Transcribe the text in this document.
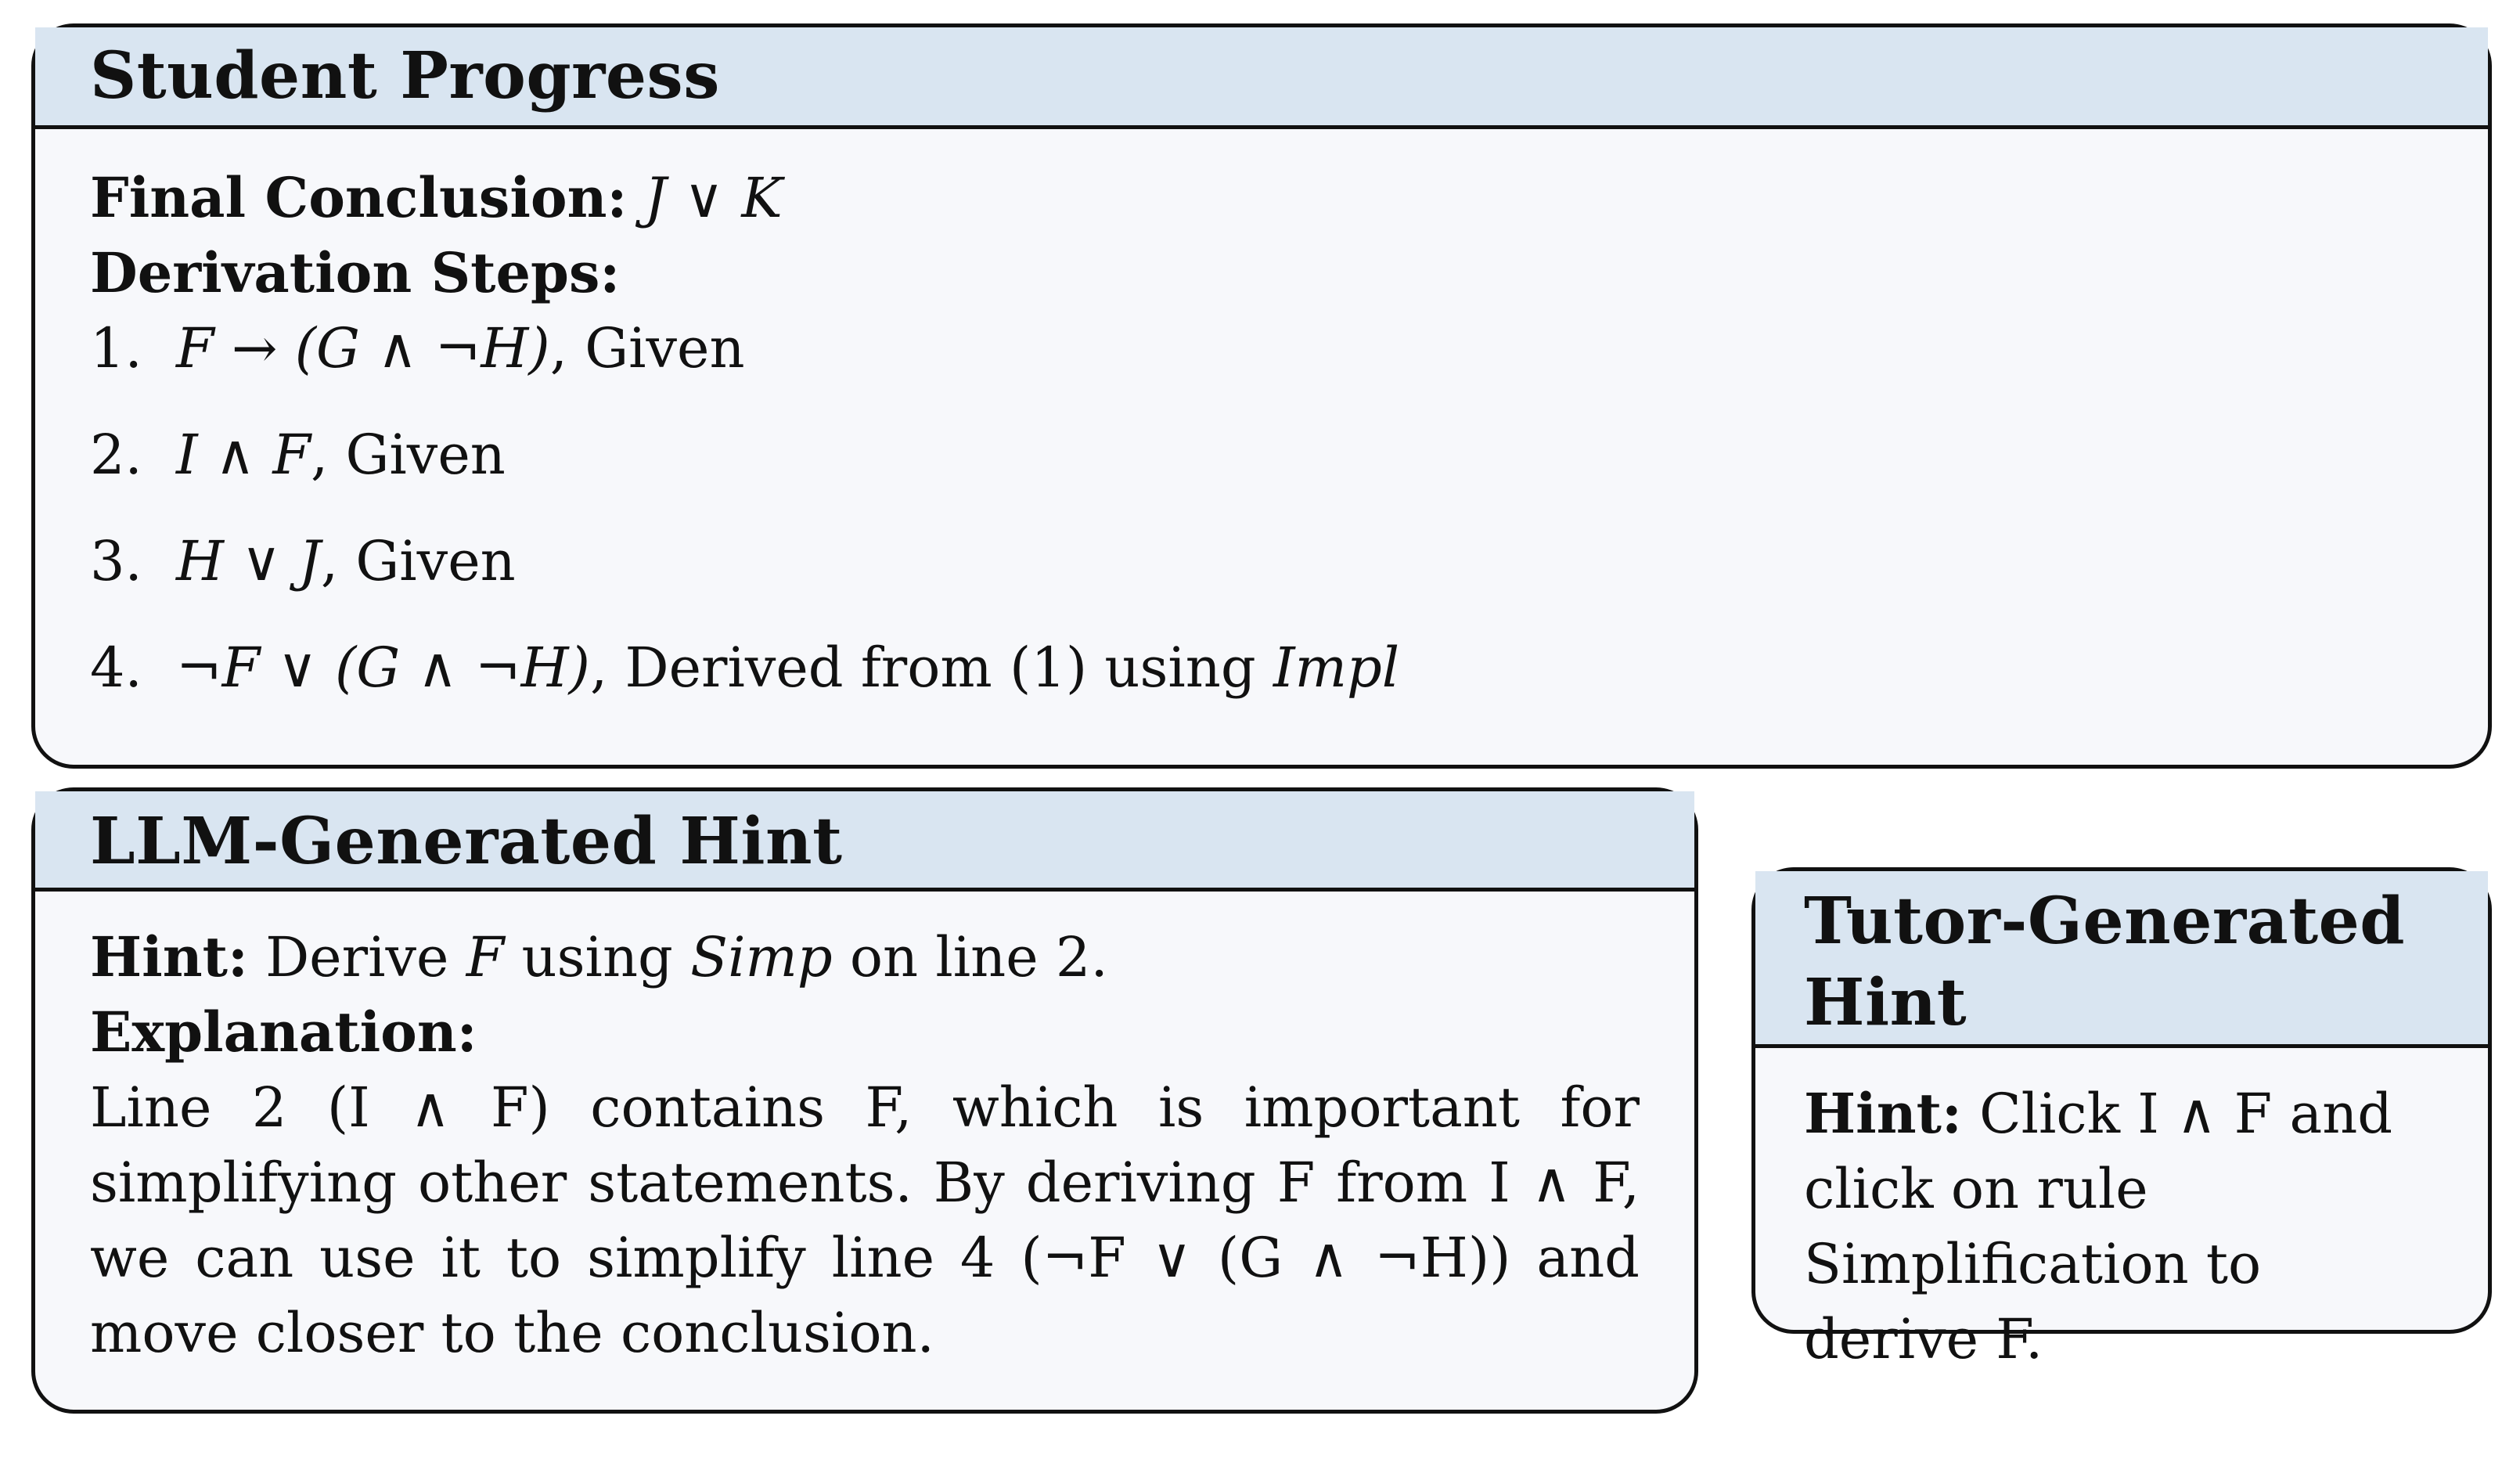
Student Progress
Final Conclusion: J ∨ K
Derivation Steps:
1. F → (G ∧ ¬H), Given
2. I ∧ F, Given
3. H ∨ J, Given
4. ¬F ∨ (G ∧ ¬H), Derived from (1) using Impl
LLM-Generated Hint
Hint: Derive F using Simp on line 2.
Explanation:
Line 2 (I ∧ F) contains F, which is important for simplifying other statements. By deriving F from I ∧ F, we can use it to simplify line 4 (¬F ∨ (G ∧ ¬H)) and move closer to the conclusion.
Tutor-Generated Hint
Hint: Click I ∧ F and click on rule Simplification to derive F.
